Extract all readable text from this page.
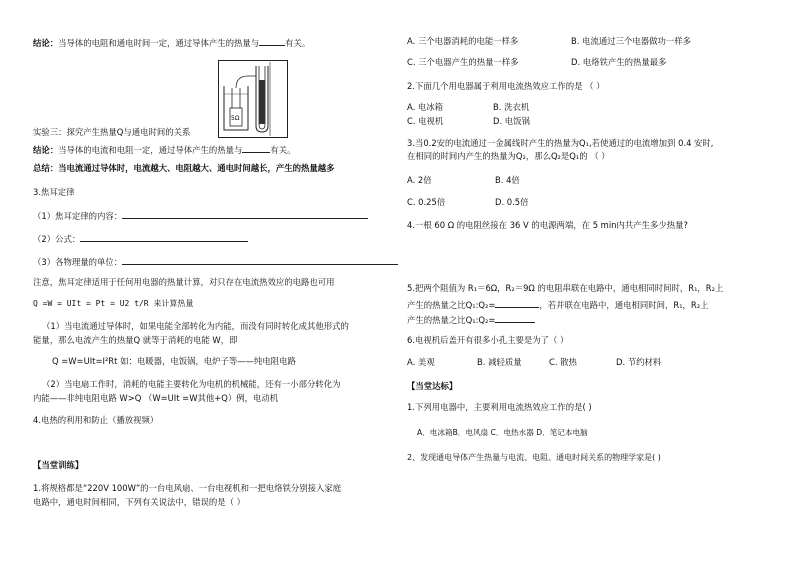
结论：当导体的电阻和通电时间一定，通过导体产生的热量与	有关。
5Ω
实验三：探究产生热量Q与通电时间的关系
结论：当导体的电流和电阻一定，通过导体产生的热量与	有关。
总结：当电流通过导体时，电流越大、电阻越大、通电时间越长，产生的热量越多
3.焦耳定律
（1）焦耳定律的内容：
（2）公式：
（3）各物理量的单位：
注意，焦耳定律适用于任何用电器的热量计算，对只存在电流热效应的电路也可用
Q =W = UIt = Pt = U2 t/R 来计算热量
（1）当电流通过导体时，如果电能全部转化为内能，而没有同时转化成其他形式的
能量，那么电流产生的热量Q 就等于消耗的电能 W，即
Q =W=UIt=I²Rt 如：电暖器，电饭锅，电炉子等——纯电阻电路
（2）当电扇工作时，消耗的电能主要转化为电机的机械能，还有一小部分转化为
内能——非纯电阻电路 W>Q （W=UIt =W其他+Q）例，电动机
4.电热的利用和防止（播放视频）
【当堂训练】
1.将规格都是“220V 100W”的一台电风扇、一台电视机和一把电烙铁分别接入家庭
电路中，通电时间相同，下列有关说法中，错误的是（ ）
A. 三个电器消耗的电能一样多	B. 电流通过三个电器做功一样多
C. 三个电器产生的热量一样多	D. 电烙铁产生的热量最多
2.下面几个用电器属于利用电流热效应工作的是 （ ）
A. 电冰箱	B. 洗衣机
C. 电视机	D. 电饭锅
3.当0.2安的电流通过一金属线时产生的热量为Q₁,若使通过的电流增加到 0.4 安时,
在相同的时间内产生的热量为Q₂，那么Q₂是Q₁的 （ ）
A. 2倍	B. 4倍
C. 0.25倍	D. 0.5倍
4.一根 60 Ω 的电阻丝接在 36 V 的电源两端，在 5 min内共产生多少热量?
5.把两个阻值为 R₁＝6Ω，R₂＝9Ω 的电阻串联在电路中，通电相同时间时，R₁，R₂上
产生的热量之比Q₁:Q₂=	，若并联在电路中，通电相同时间，R₁，R₂上
产生的热量之比Q₁:Q₂=
6.电视机后盖开有很多小孔主要是为了（ ）
A. 美观	B. 减轻质量	C. 散热	D. 节约材料
【当堂达标】
1.下列用电器中，主要利用电流热效应工作的是( )
A．电冰箱B．电风扇 C．电热水器 D．笔记本电脑
2、发现通电导体产生热量与电流、电阻、通电时间关系的物理学家是( )
